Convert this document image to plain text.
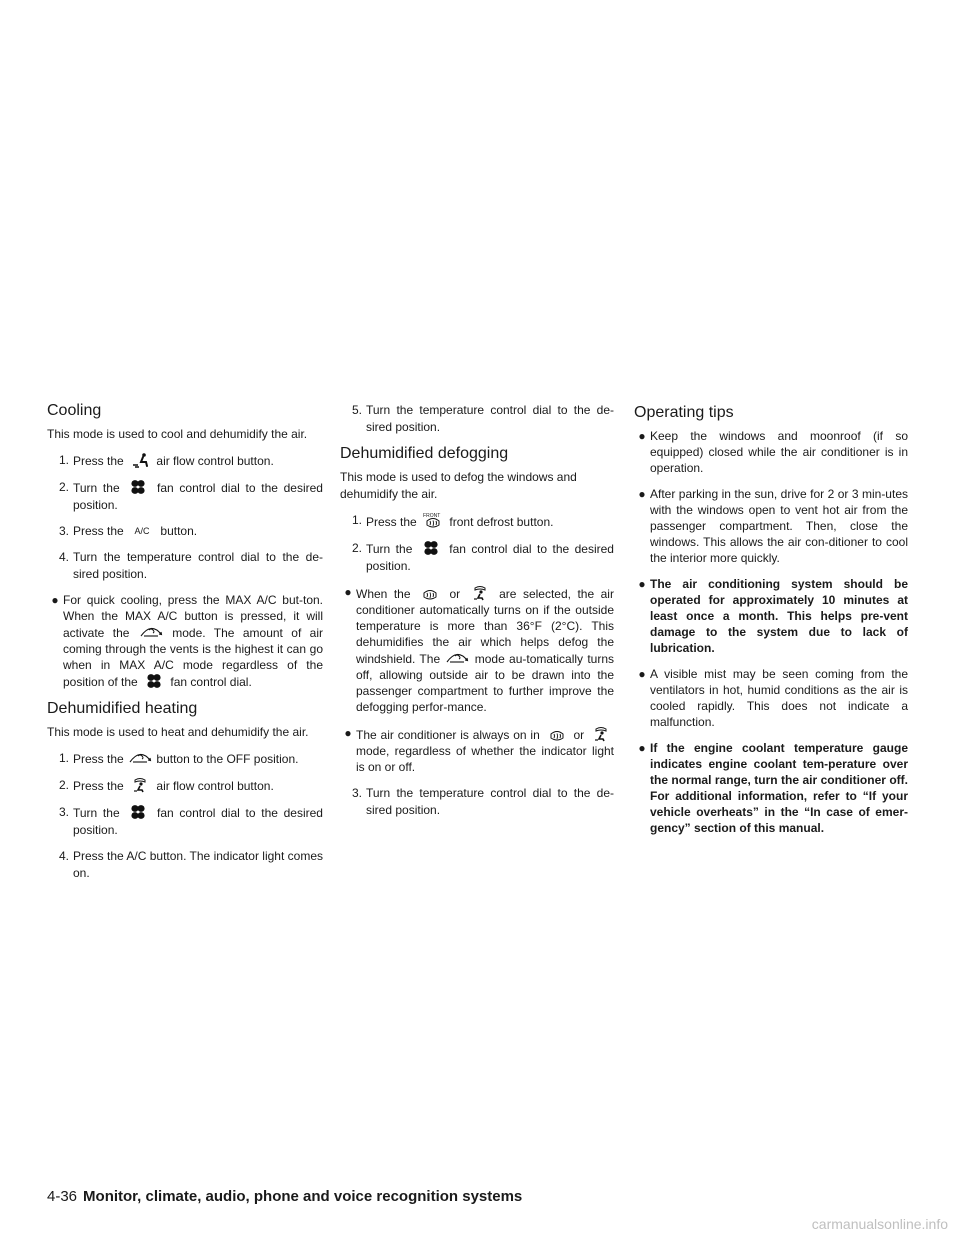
Cooling

This mode is used to cool and dehumidify the air.

1. Press the	air flow control button.
2. Turn the	fan control dial to the desired position.
3. Press the A/C button.
4. Turn the temperature control dial to the de-sired position.
● For quick cooling, press the MAX A/C but-ton. When the MAX A/C button is pressed, it will activate the	mode. The amount of air coming through the vents is the highest it can go when in MAX A/C mode regardless of the position of the	fan control dial.
Dehumidified heating

This mode is used to heat and dehumidify the air.

1. Press the	button to the OFF position.
2. Press the	air flow control button.
3. Turn the	fan control dial to the desired position.
4. Press the A/C button. The indicator light comes on.
5. Turn the temperature control dial to the de-sired position.
Dehumidified defogging

This mode is used to defog the windows and dehumidify the air.

1. Press the FRONT front defrost button.
2. Turn the	fan control dial to the desired position.
● When the	or	are selected, the air conditioner automatically turns on if the outside temperature is more than 36°F (2°C). This dehumidifies the air which helps defog the windshield. The	mode au-tomatically turns off, allowing outside air to be drawn into the passenger compartment to further improve the defogging perfor-mance.
● The air conditioner is always on in	or
mode, regardless of whether the indicator light is on or off.
3. Turn the temperature control dial to the de-sired position.
Operating tips
● Keep the windows and moonroof (if so equipped) closed while the air conditioner is in operation.
● After parking in the sun, drive for 2 or 3 min-utes with the windows open to vent hot air from the passenger compartment. Then, close the windows. This allows the air con-ditioner to cool the interior more quickly.
● The air conditioning system should be operated for approximately 10 minutes at least once a month. This helps pre-vent damage to the system due to lack of lubrication.
● A visible mist may be seen coming from the ventilators in hot, humid conditions as the air is cooled rapidly. This does not indicate a malfunction.
● If the engine coolant temperature gauge indicates engine coolant tem-perature over the normal range, turn the air conditioner off. For additional information, refer to “If your vehicle overheats” in the “In case of emer-gency” section of this manual.
4-36 Monitor, climate, audio, phone and voice recognition systems
carmanualsonline.info
